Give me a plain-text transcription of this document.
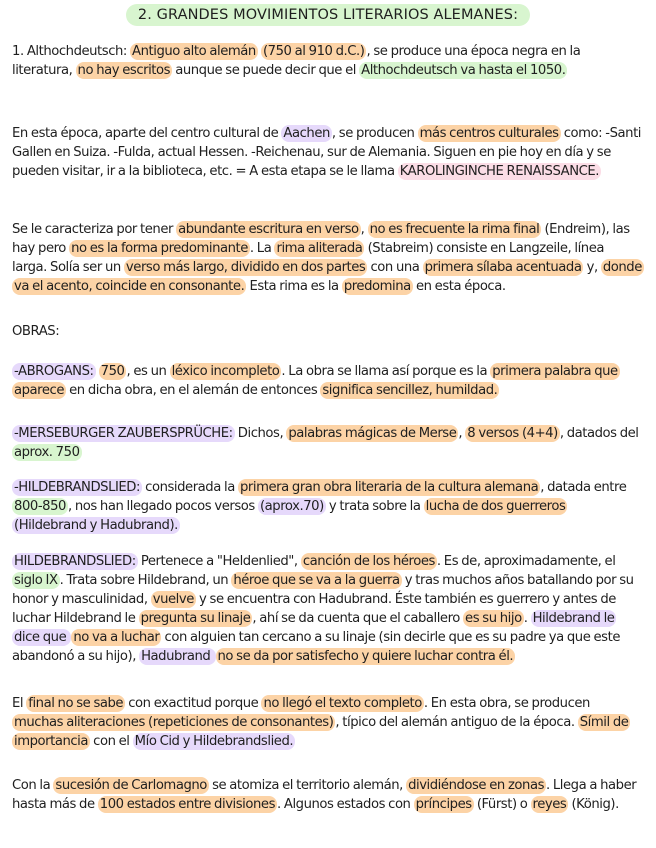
2. GRANDES MOVIMIENTOS LITERARIOS ALEMANES:

1. Althochdeutsch: Antiguo alto alemán (750 al 910 d.C.) , se produce una época negra en la literatura, no hay escritos aunque se puede decir que el Althochdeutsch va hasta el 1050.

En esta época, aparte del centro cultural de Aachen , se producen más centros culturales como: -Santi Gallen en Suiza. -Fulda, actual Hessen. -Reichenau, sur de Alemania. Siguen en pie hoy en día y se pueden visitar, ir a la biblioteca, etc. = A esta etapa se le llama KAROLINGINCHE RENAISSANCE.

Se le caracteriza por tener abundante escritura en verso , no es frecuente la rima final (Endreim), las hay pero no es la forma predominante . La rima aliterada (Stabreim) consiste en Langzeile, línea larga. Solía ser un verso más largo, dividido en dos partes con una primera sílaba acentuada y, donde va el acento, coincide en consonante. Esta rima es la predomina en esta época.

OBRAS:

-ABROGANS: 750 , es un léxico incompleto . La obra se llama así porque es la primera palabra que aparece en dicha obra, en el alemán de entonces significa sencillez, humildad.

-MERSEBURGER ZAUBERSPRÜCHE: Dichos, palabras mágicas de Merse , 8 versos (4+4) , datados del aprox. 750

-HILDEBRANDSLIED: considerada la primera gran obra literaria de la cultura alemana , datada entre 800-850 , nos han llegado pocos versos (aprox.70) y trata sobre la lucha de dos guerreros (Hildebrand y Hadubrand).

HILDEBRANDSLIED: Pertenece a "Heldenlied", canción de los héroes . Es de, aproximadamente, el siglo IX . Trata sobre Hildebrand, un héroe que se va a la guerra y tras muchos años batallando por su honor y masculinidad, vuelve y se encuentra con Hadubrand. Éste también es guerrero y antes de luchar Hildebrand le pregunta su linaje , ahí se da cuenta que el caballero es su hijo . Hildebrand le dice que no va a luchar con alguien tan cercano a su linaje (sin decirle que es su padre ya que este abandonó a su hijo), Hadubrand no se da por satisfecho y quiere luchar contra él.

El final no se sabe con exactitud porque no llegó el texto completo . En esta obra, se producen muchas aliteraciones (repeticiones de consonantes) , típico del alemán antiguo de la época. Símil de importancia con el Mío Cid y Hildebrandslied.

Con la sucesión de Carlomagno se atomiza el territorio alemán, dividiéndose en zonas . Llega a haber hasta más de 100 estados entre divisiones . Algunos estados con príncipes (Fürst) o reyes (König).
